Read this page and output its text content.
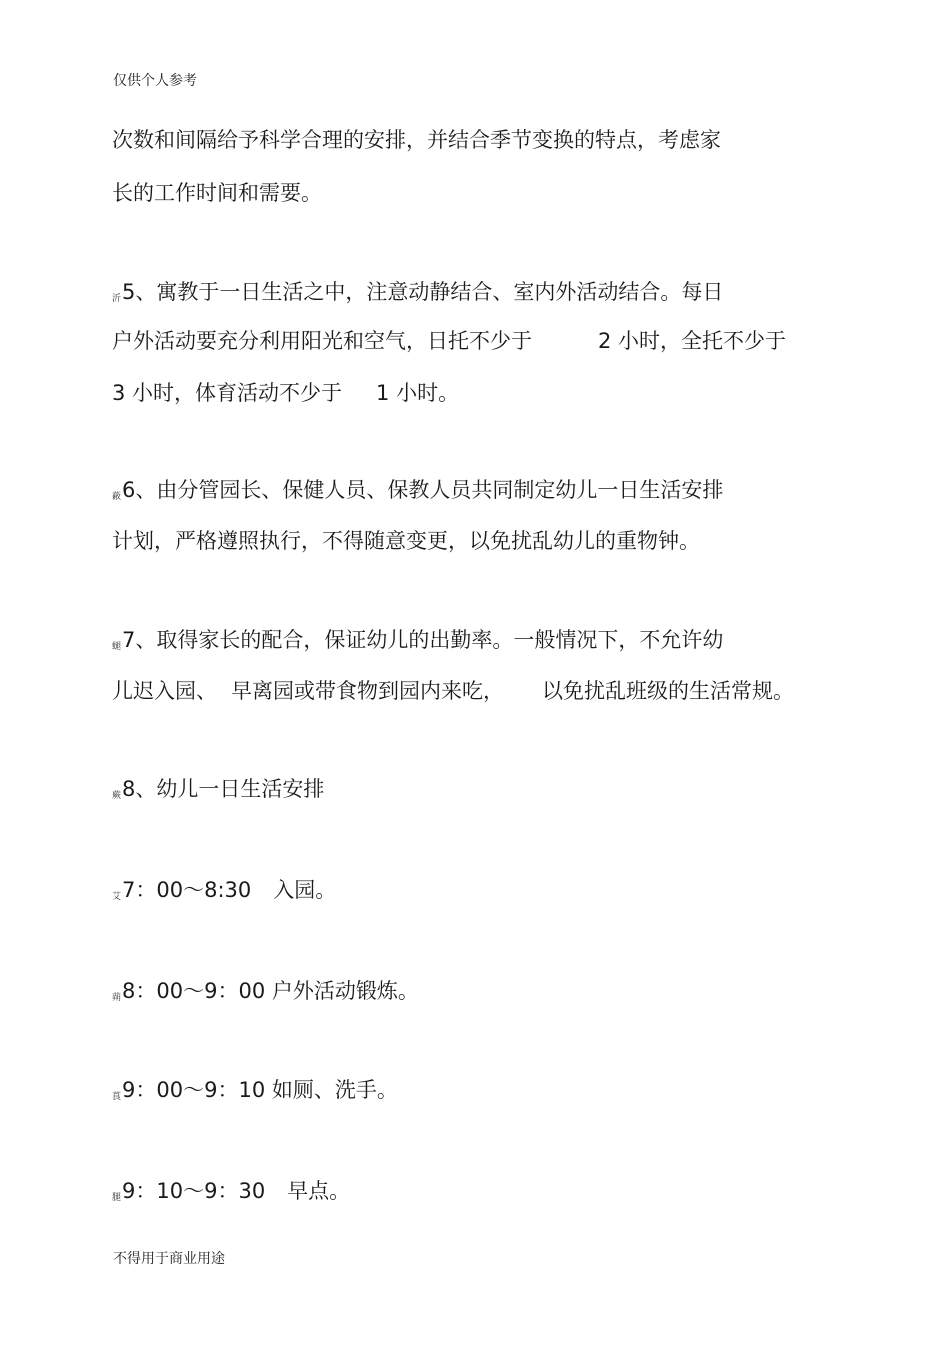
仅供个人参考
次数和间隔给予科学合理的安排，并结合季节变换的特点，考虑家
长的工作时间和需要。
沂5、寓教于一日生活之中，注意动静结合、室内外活动结合。每日
户外活动要充分利用阳光和空气，日托不少于	2 小时，全托不少于
3 小时，体育活动不少于 1 小时。
蔽6、由分管园长、保健人员、保教人员共同制定幼儿一日生活安排
计划，严格遵照执行，不得随意变更，以免扰乱幼儿的重物钟。
螁7、取得家长的配合，保证幼儿的出勤率。一般情况下，不允许幼
儿迟入园、 早离园或带食物到园内来吃， 以免扰乱班级的生活常规。
蕨8、幼儿一日生活安排
艾7：00～8:30 入园。
蒴8：00～9：00 户外活动锻炼。
莨9：00～9：10 如厕、洗手。
腿9：10～9：30 早点。
不得用于商业用途
